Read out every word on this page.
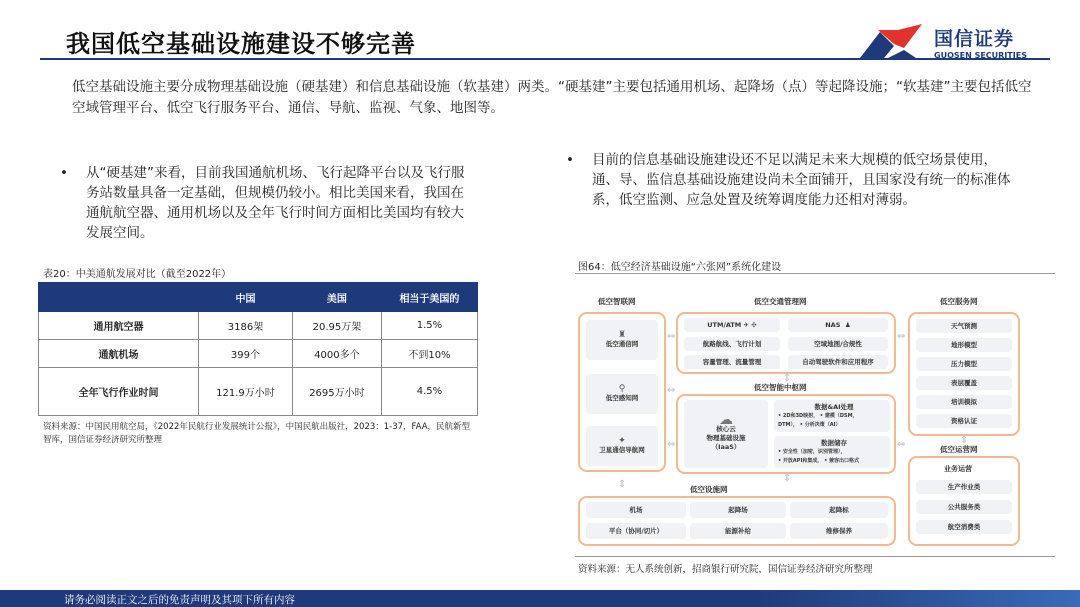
我国低空基础设施建设不够完善	国信证券
GUOSEN SECURITIES
低空基础设施主要分成物理基础设施（硬基建）和信息基础设施（软基建）两类。“硬基建”主要包括通用机场、起降场（点）等起降设施；“软基建”主要包括低空空域管理平台、低空飞行服务平台、通信、导航、监视、气象、地图等。
•	从“硬基建”来看，目前我国通航机场、飞行起降平台以及飞行服务站数量具备一定基础，但规模仍较小。相比美国来看，我国在通航航空器、通用机场以及全年飞行时间方面相比美国均有较大发展空间。
•	目前的信息基础设施建设还不足以满足未来大规模的低空场景使用，通、导、监信息基础设施建设尚未全面铺开，且国家没有统一的标准体系，低空监测、应急处置及统筹调度能力还相对薄弱。
表20：中美通航发展对比（截至2022年）
	中国	美国	相当于美国的
通用航空器	3186架	20.95万架	1.5%
通航机场	399个	4000多个	不到10%
全年飞行作业时间	121.9万小时	2695万小时	4.5%
资料来源：中国民用航空局，《2022年民航行业发展统计公报》，中国民航出版社，2023：1-37，FAA，民航新型智库，国信证券经济研究所整理
图64：低空经济基础设施“六张网”系统化建设
低空智联网
♜
低空通信网
⚲
低空感知网
✦
卫星通信导航网
低空交通管理网
UTM/ATM
✈
✣	NAS
♟
航路航线、飞行计划	空域地图/合规性
容量管理、流量管理	自动驾驶软件和应用程序
低空智能中枢网
☁
核心云
物理基础设施
（IaaS）
数据&AI处理
• 2D和3D映射， • 建模（DSM，
DTM）， • 分析决策（AI）
数据储存
• 安全性（加密，识别管理），
• 开放API和集成， • 兼容出口格式
低空设施网
机场	起降场	起降标
平台（协同/切片）	能源补给	维修保养
低空服务网
天气预测
地形模型
压力模型
表层覆盖
培训模拟
资格认证
低空运营网
业务运营
生产作业类
公共服务类
航空消费类
⇔
⇔
⇔
⇔
⇔
⇕
⇕
⇕
⇕
资料来源：无人系统创新，招商银行研究院，国信证券经济研究所整理
请务必阅读正文之后的免责声明及其项下所有内容
